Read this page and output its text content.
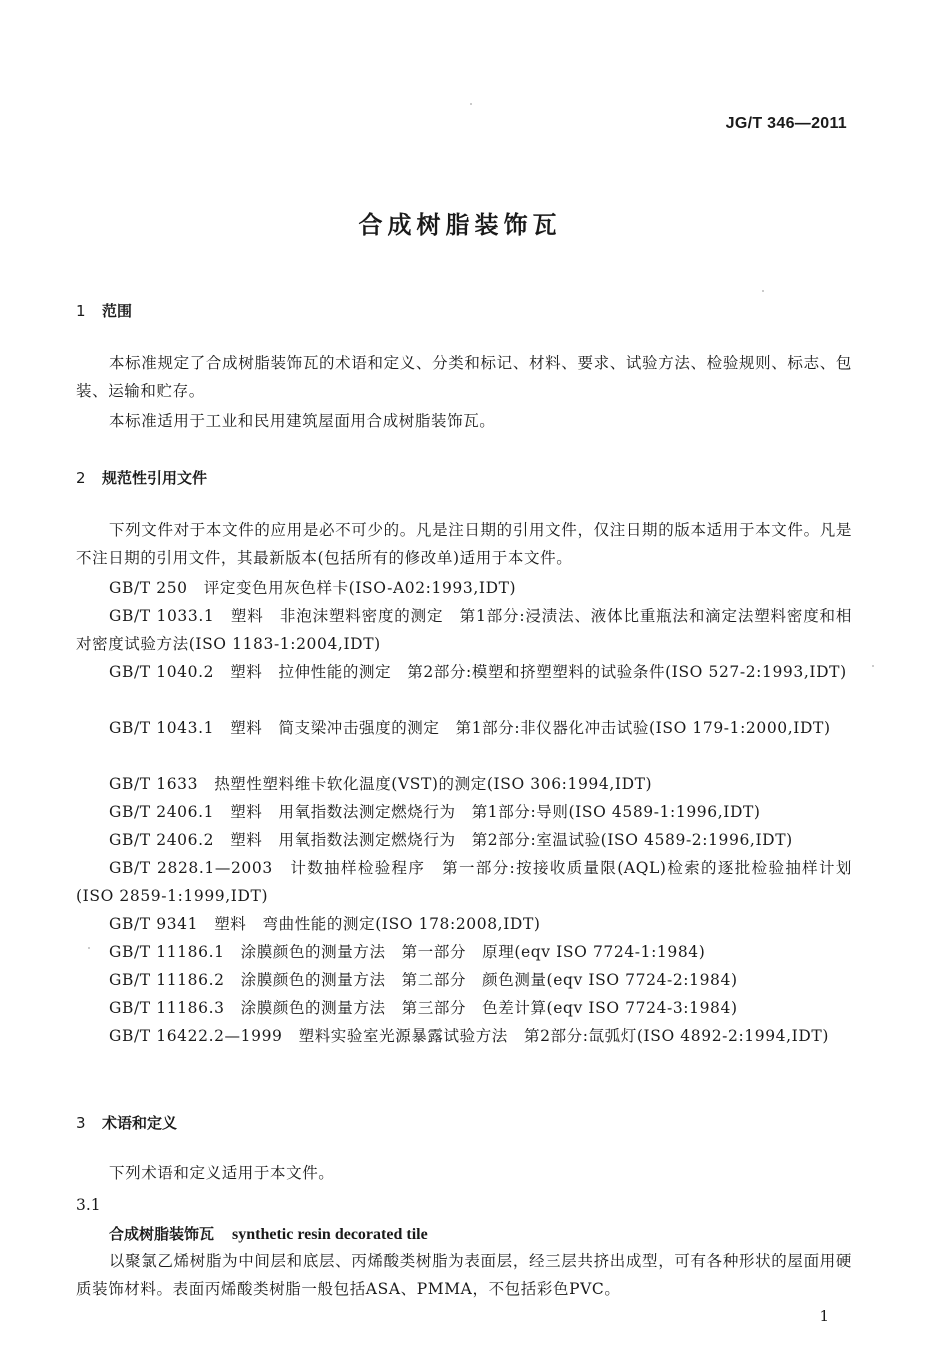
JG/T 346—2011
合成树脂装饰瓦
1 范围

本标准规定了合成树脂装饰瓦的术语和定义、分类和标记、材料、要求、试验方法、检验规则、标志、包装、运输和贮存。

本标准适用于工业和民用建筑屋面用合成树脂装饰瓦。

2 规范性引用文件

下列文件对于本文件的应用是必不可少的。凡是注日期的引用文件，仅注日期的版本适用于本文件。凡是不注日期的引用文件，其最新版本(包括所有的修改单)适用于本文件。

GB/T 250　评定变色用灰色样卡(ISO-A02:1993,IDT)

GB/T 1033.1　塑料　非泡沫塑料密度的测定　第1部分:浸渍法、液体比重瓶法和滴定法塑料密度和相对密度试验方法(ISO 1183-1:2004,IDT)

GB/T 1040.2　塑料　拉伸性能的测定　第2部分:模塑和挤塑塑料的试验条件(ISO 527-2:1993,IDT)

GB/T 1043.1　塑料　简支梁冲击强度的测定　第1部分:非仪器化冲击试验(ISO 179-1:2000,IDT)

GB/T 1633　热塑性塑料维卡软化温度(VST)的测定(ISO 306:1994,IDT)

GB/T 2406.1　塑料　用氧指数法测定燃烧行为　第1部分:导则(ISO 4589-1:1996,IDT)

GB/T 2406.2　塑料　用氧指数法测定燃烧行为　第2部分:室温试验(ISO 4589-2:1996,IDT)

GB/T 2828.1—2003　计数抽样检验程序　第一部分:按接收质量限(AQL)检索的逐批检验抽样计划(ISO 2859-1:1999,IDT)

GB/T 9341　塑料　弯曲性能的测定(ISO 178:2008,IDT)

GB/T 11186.1　涂膜颜色的测量方法　第一部分　原理(eqv ISO 7724-1:1984)

GB/T 11186.2　涂膜颜色的测量方法　第二部分　颜色测量(eqv ISO 7724-2:1984)

GB/T 11186.3　涂膜颜色的测量方法　第三部分　色差计算(eqv ISO 7724-3:1984)

GB/T 16422.2—1999　塑料实验室光源暴露试验方法　第2部分:氙弧灯(ISO 4892-2:1994,IDT)

3 术语和定义

下列术语和定义适用于本文件。

3.1
合成树脂装饰瓦 synthetic resin decorated tile

以聚氯乙烯树脂为中间层和底层、丙烯酸类树脂为表面层，经三层共挤出成型，可有各种形状的屋面用硬质装饰材料。表面丙烯酸类树脂一般包括ASA、PMMA，不包括彩色PVC。

1
